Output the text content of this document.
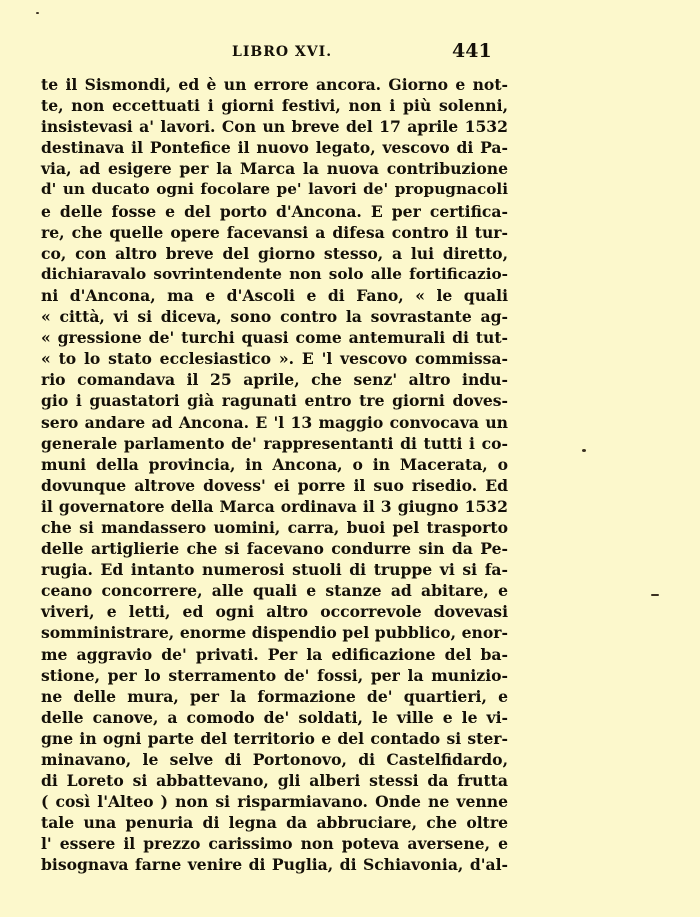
LIBRO XVI.	441
te il Sismondi, ed è un errore ancora. Giorno e not-
te, non eccettuati i giorni festivi, non i più solenni,
insistevasi a' lavori. Con un breve del 17 aprile 1532
destinava il Pontefice il nuovo legato, vescovo di Pa-
via, ad esigere per la Marca la nuova contribuzione
d' un ducato ogni focolare pe' lavori de' propugnacoli
e delle fosse e del porto d'Ancona. E per certifica-
re, che quelle opere facevansi a difesa contro il tur-
co, con altro breve del giorno stesso, a lui diretto,
dichiaravalo sovrintendente non solo alle fortificazio-
ni d'Ancona, ma e d'Ascoli e di Fano, « le quali
« città, vi si diceva, sono contro la sovrastante ag-
« gressione de' turchi quasi come antemurali di tut-
« to lo stato ecclesiastico ». E 'l vescovo commissa-
rio comandava il 25 aprile, che senz' altro indu-
gio i guastatori già ragunati entro tre giorni doves-
sero andare ad Ancona. E 'l 13 maggio convocava un
generale parlamento de' rappresentanti di tutti i co-
muni della provincia, in Ancona, o in Macerata, o
dovunque altrove dovess' ei porre il suo risedio. Ed
il governatore della Marca ordinava il 3 giugno 1532
che si mandassero uomini, carra, buoi pel trasporto
delle artiglierie che si facevano condurre sin da Pe-
rugia. Ed intanto numerosi stuoli di truppe vi si fa-
ceano concorrere, alle quali e stanze ad abitare, e
viveri, e letti, ed ogni altro occorrevole dovevasi
somministrare, enorme dispendio pel pubblico, enor-
me aggravio de' privati. Per la edificazione del ba-
stione, per lo sterramento de' fossi, per la munizio-
ne delle mura, per la formazione de' quartieri, e
delle canove, a comodo de' soldati, le ville e le vi-
gne in ogni parte del territorio e del contado si ster-
minavano, le selve di Portonovo, di Castelfidardo,
di Loreto si abbattevano, gli alberi stessi da frutta
( così l'Alteo ) non si risparmiavano. Onde ne venne
tale una penuria di legna da abbruciare, che oltre
l' essere il prezzo carissimo non poteva aversene, e
bisognava farne venire di Puglia, di Schiavonia, d'al-
